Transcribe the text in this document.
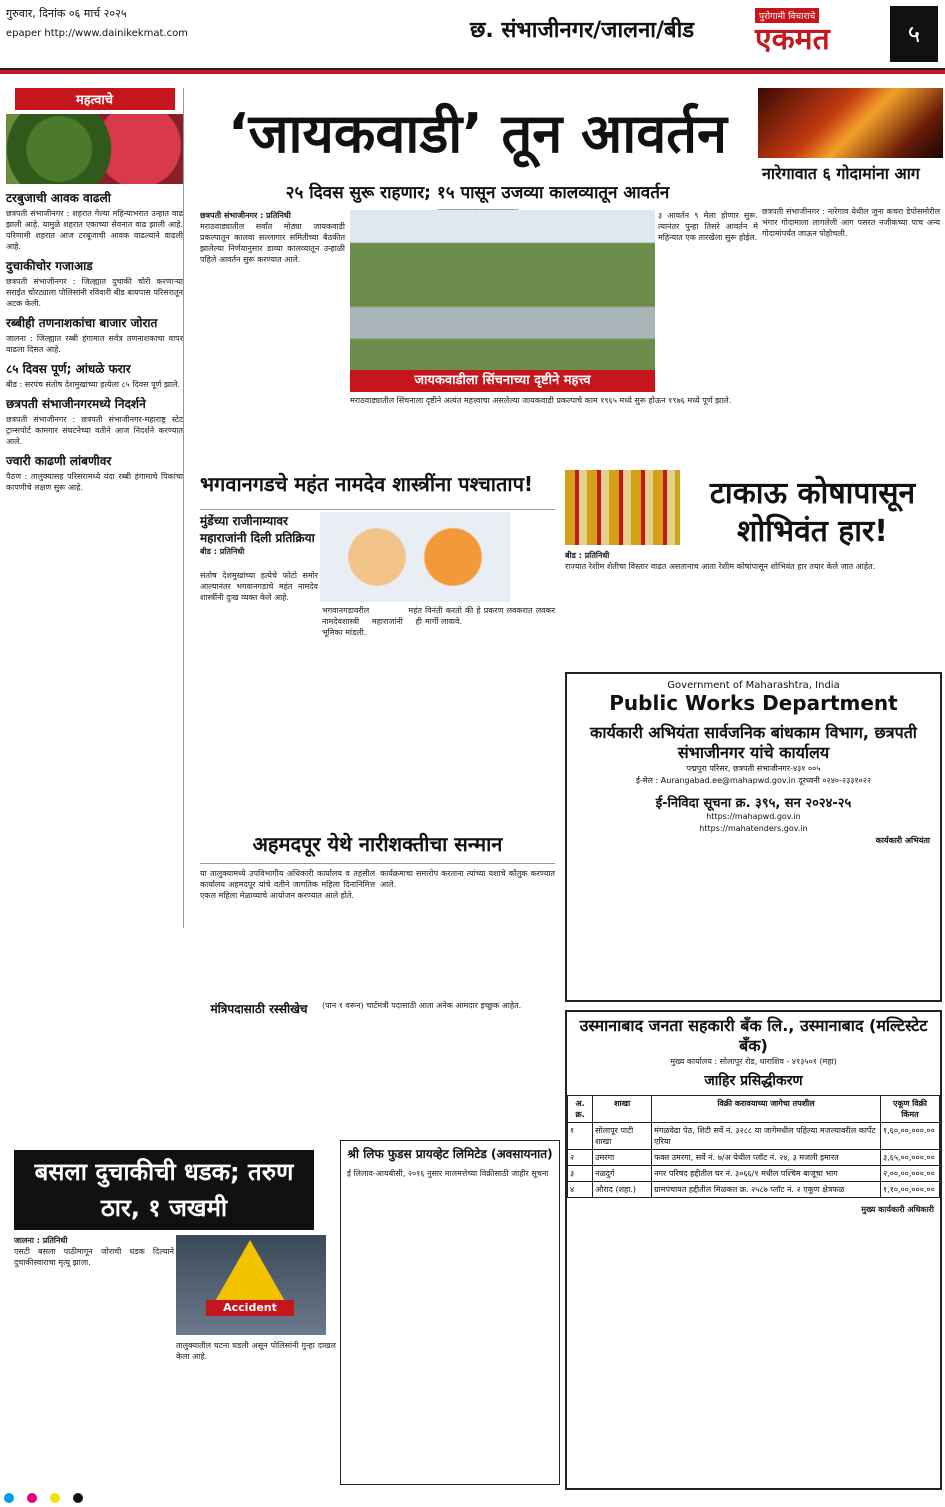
गुरुवार, दिनांक ०६ मार्च २०२५
epaper http://www.dainikekmat.com	छ. संभाजीनगर/जालना/बीड
पुरोगामी विचाराचे
एकमत	५
महत्वाचे
टरबुजाची आवक वाढली
छत्रपती संभाजीनगर : शहरात गेल्या महिन्याभरात उन्हात वाढ झाली आहे. यामुळे शहरात एकाच्या सेवनात वाढ झाली आहे. परिणामी शहरात आज टरबूजाची आवक वाढल्याने वाढली आहे.
दुचाकीचोर गजाआड
छत्रपती संभाजीनगर : जिल्ह्यात दुचाकी चोरी करणाऱ्या सराईत चोरट्याला पोलिसांनी रविवारी बीड बायपास परिसरातून अटक केली.
रब्बीही तणनाशकांचा बाजार जोरात
जालना : जिल्ह्यात रब्बी हंगामात सर्वत्र तणनाशकाचा वापर वाढला दिसत आहे.
८५ दिवस पूर्ण; आंधळे फरार
बीड : सरपंच संतोष देशमुखांच्या हत्येला ८५ दिवस पूर्ण झाले.
छत्रपती संभाजीनगरमध्ये निदर्शने
छत्रपती संभाजीनगर : छत्रपती संभाजीनगर-महाराष्ट्र स्टेट ट्रान्सपोर्ट कामगार संघटनेच्या वतीने आज निदर्शने करण्यात आले.
ज्वारी काढणी लांबणीवर
पैठण : तालुक्यासह परिसरामध्ये यंदा रब्बी हंगामाचे पिकांचा कापणीचे लक्षण सुरू आहे.
‘जायकवाडी’ तून आवर्तन
२५ दिवस सुरू राहणार; १५ पासून उजव्या कालव्यातून आवर्तन
छत्रपती संभाजीनगर : प्रतिनिधी
मराठवाड्यातील सर्वांत मोठ्या जायकवाडी प्रकल्पातून कालवा सल्लागार समितीच्या बैठकीत झालेल्या निर्णयानुसार डाव्या कालव्यातून उन्हाळी पहिले आवर्तन सुरू करण्यात आले.
जायकवाडीला सिंचनाच्या दृष्टीने महत्त्व
३ आवर्तन ९ मेला होणार सुरू. त्यानंतर पुन्हा तिसरे आवर्तन मे महिन्यात एक तारखेला सुरू होईल.
मराठवाड्यातील सिंचनाला दृष्टीने अत्यंत महत्त्वाचा असलेल्या जायकवाडी प्रकल्पाचे काम १९६५ मध्ये सुरू होऊन १९७६ मध्ये पूर्ण झाले.
नारेगावात ६ गोदामांना आग
छत्रपती संभाजीनगर : नारेगाव येथील जुना कचरा डेपोसमोरील भंगार गोदामाला लागलेली आग पसरत नजीकच्या पाच अन्य गोदामांपर्यंत जाऊन पोहोचली.
भगवानगडचे महंत नामदेव शास्त्रींना पश्चाताप!
मुंडेंच्या राजीनाम्यावर महाराजांनी दिली प्रतिक्रिया
बीड : प्रतिनिधी
संतोष देशमुखांच्या हत्येचे फोटो समोर आल्यानंतर भगवानगडाचे महंत नामदेव शास्त्रींनी दुःख व्यक्त केले आहे.
भगवानगडावरील महंत नामदेवशास्त्री महाराजांनी ही भूमिका मांडली.
विनंती करतो की हे प्रकरण लवकरात लवकर मार्गी लावावे.
टाकाऊ कोषापासून शोभिवंत हार!
बीड : प्रतिनिधी
राज्यात रेशीम शेतीचा विस्तार वाढत असतानाच आता रेशीम कोषांपासून शोभिवंत हार तयार केले जात आहेत.
Government of Maharashtra, India
Public Works Department
कार्यकारी अभियंता सार्वजनिक बांधकाम विभाग, छत्रपती संभाजीनगर यांचे कार्यालय
पद्मपुरा परिसर, छत्रपती संभाजीनगर-४३१ ००५
ई-मेल : Aurangabad.ee@mahapwd.gov.in दूरध्वनी ०२४०-२३३१०२२
ई-निविदा सूचना क्र. ३९५, सन २०२४-२५
https://mahapwd.gov.in
https://mahatenders.gov.in
कार्यकारी अभियंता
अहमदपूर येथे नारीशक्तीचा सन्मान
या तालुक्यामध्ये उपविभागीय अधिकारी कार्यालय व तहसील कार्यालय अहमदपूर यांचे वतीने जागतिक महिला दिनानिमित्त एकल महिला मेळाव्याचे आयोजन करण्यात आले होते.
कार्यक्रमाचा समारोप करताना त्यांच्या यशाचे कौतुक करण्यात आले.
मंत्रिपदासाठी रस्सीखेच	(पान १ वरून) चार्टमंत्री पदासाठी आता अनेक आमदार इच्छुक आहेत.
बसला दुचाकीची धडक; तरुण ठार, १ जखमी
Accident
जालना : प्रतिनिधी
एसटी बसला पाठीमागून जोराची धडक दिल्याने दुचाकीस्वाराचा मृत्यू झाला.
तालुक्यातील घटना घडली असून पोलिसांनी गुन्हा दाखल केला आहे.
श्री लिफ फुडस प्रायव्हेट लिमिटेड (अवसायनात)
ई लिलाव-आयबीसी, २०१६ नुसार मालमत्तेच्या विक्रीसाठी जाहीर सूचना
उस्मानाबाद जनता सहकारी बँक लि., उस्मानाबाद (मल्टिस्टेट बँक)
मुख्य कार्यालय : सोलापूर रोड, धाराशिव - ४१३५०१ (महा)
जाहिर प्रसिद्धीकरण
अ. क्र.	शाखा	विक्री करावयाच्या जागेचा तपशील	एकूण विक्री किंमत
१	सोलापूर पाटी शाखा	मंगळवेढा पेठ, शिटी सर्वे नं. ३२८८ या जागेमधील पहिल्या मजल्यावरील कार्पेट एरिया	१,६०,००,०००.००
२	उमरगा	फक्त उमरगा, सर्वे नं. ७/अ येथील प्लॉट नं. २४, ३ मजली इमारत	३,६५,००,०००.००
३	नळदुर्ग	नगर परिषद हद्दीतील घर नं. ३०६६/१ मधील पश्चिम बाजूचा भाग	२,००,००,०००.००
४	औराद (शहा.)	ग्रामपंचायत हद्दीतील मिळकत क्र. २५८७ प्लॉट नं. २ एकूण क्षेत्रफळ	१,१०,००,०००.००
मुख्य कार्यकारी अधिकारी
